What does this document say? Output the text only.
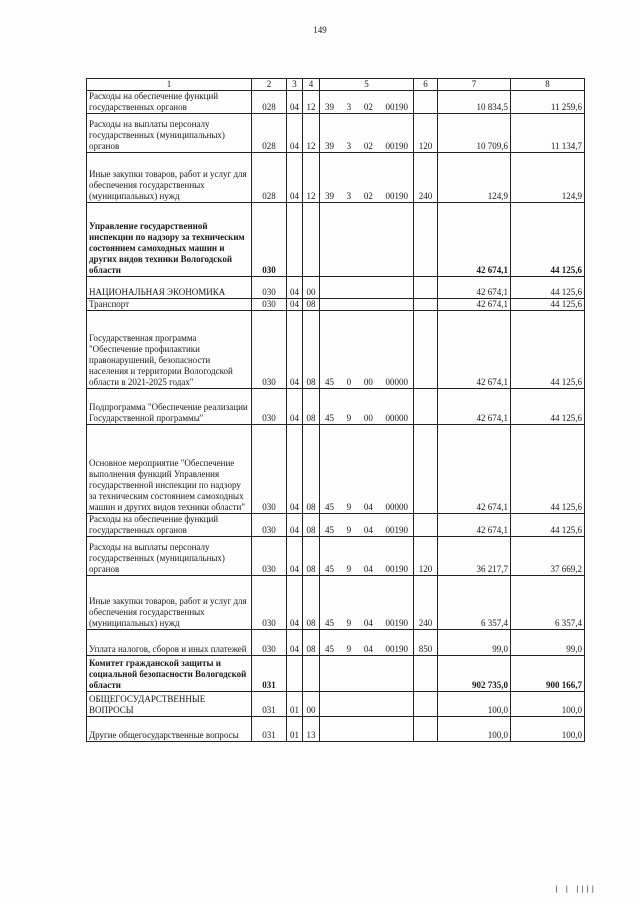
149
1	2	3	4	5	6	7	8
Расходы на обеспечение функций государственных органов	028	04	12	39 3 02 00190		10 834,5	11 259,6
Расходы на выплаты персоналу государственных (муниципальных) органов	028	04	12	39 3 02 00190	120	10 709,6	11 134,7
Иные закупки товаров, работ и услуг для обеспечения государственных (муниципальных) нужд	028	04	12	39 3 02 00190	240	124,9	124,9
Управление государственной инспекции по надзору за техническим состоянием самоходных машин и других видов техники Вологодской области	030					42 674,1	44 125,6
НАЦИОНАЛЬНАЯ ЭКОНОМИКА	030	04	00			42 674,1	44 125,6
Транспорт	030	04	08			42 674,1	44 125,6
Государственная программа "Обеспечение профилактики правонарушений, безопасности населения и территории Вологодской области в 2021-2025 годах"	030	04	08	45 0 00 00000		42 674,1	44 125,6
Подпрограмма "Обеспечение реализации Государственной программы"	030	04	08	45 9 00 00000		42 674,1	44 125,6
Основное мероприятие "Обеспечение выполнения функций Управления государственной инспекции по надзору за техническим состоянием самоходных машин и других видов техники области"	030	04	08	45 9 04 00000		42 674,1	44 125,6
Расходы на обеспечение функций государственных органов	030	04	08	45 9 04 00190		42 674,1	44 125,6
Расходы на выплаты персоналу государственных (муниципальных) органов	030	04	08	45 9 04 00190	120	36 217,7	37 669,2
Иные закупки товаров, работ и услуг для обеспечения государственных (муниципальных) нужд	030	04	08	45 9 04 00190	240	6 357,4	6 357,4
Уплата налогов, сборов и иных платежей	030	04	08	45 9 04 00190	850	99,0	99,0
Комитет гражданской защиты и социальной безопасности Вологодской области	031					902 735,0	900 166,7
ОБЩЕГОСУДАРСТВЕННЫЕ ВОПРОСЫ	031	01	00			100,0	100,0
Другие общегосударственные вопросы	031	01	13			100,0	100,0
| | ||||
